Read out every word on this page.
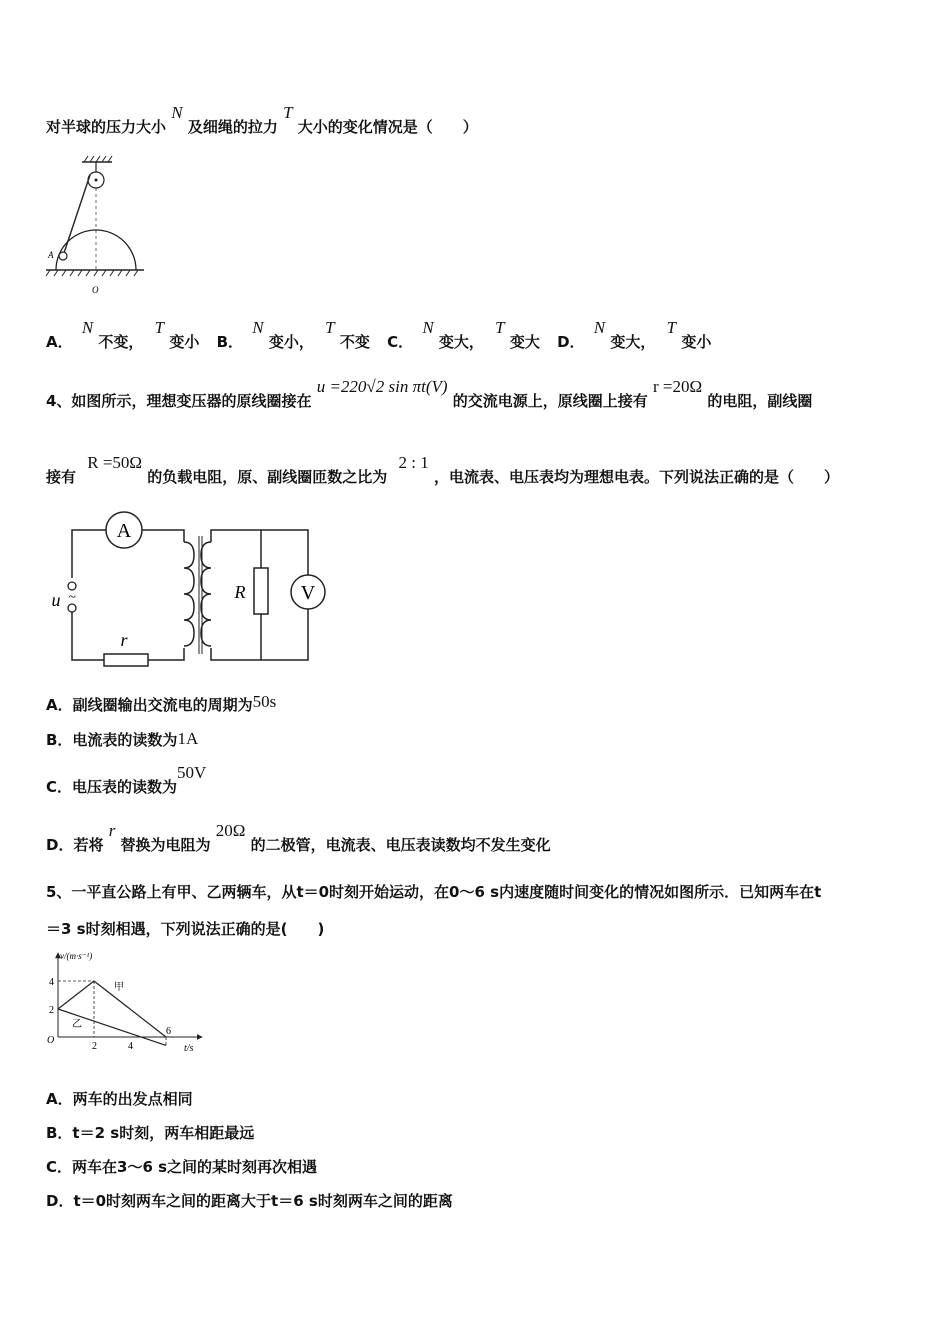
对半球的压力大小 N 及细绳的拉力 T 大小的变化情况是（　　）
A
O
A． N 不变， T 变小 B． N 变小， T 不变 C． N 变大， T 变大 D． N 变大， T 变小
4、如图所示，理想变压器的原线圈接在 u =220√2 sin πt(V) 的交流电源上，原线圈上接有 r =20Ω 的电阻，副线圈
接有 R =50Ω 的负载电阻，原、副线圈匝数之比为 2 : 1 ，电流表、电压表均为理想电表。下列说法正确的是（　　）
A
V
R
r
u ~
A．副线圈输出交流电的周期为50s
B．电流表的读数为1A
C．电压表的读数为50V
D．若将 r 替换为电阻为 20Ω 的二极管，电流表、电压表读数均不发生变化
5、一平直公路上有甲、乙两辆车，从t＝0时刻开始运动，在0～6 s内速度随时间变化的情况如图所示．已知两车在t
＝3 s时刻相遇，下列说法正确的是(　　)
v/(m·s⁻¹)
t/s
O
4
2
2	4
6
甲
乙
A．两车的出发点相同
B．t＝2 s时刻，两车相距最远
C．两车在3～6 s之间的某时刻再次相遇
D．t＝0时刻两车之间的距离大于t＝6 s时刻两车之间的距离
